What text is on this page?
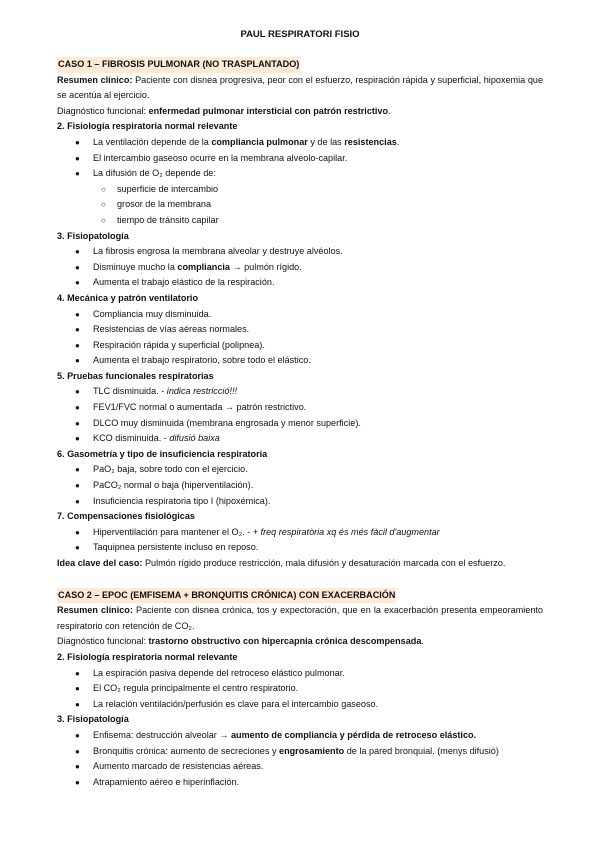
PAUL RESPIRATORI FISIO
CASO 1 – FIBROSIS PULMONAR (NO TRASPLANTADO)
Resumen clínico: Paciente con disnea progresiva, peor con el esfuerzo, respiración rápida y superficial, hipoxemia que se acentúa al ejercicio.
Diagnóstico funcional: enfermedad pulmonar intersticial con patrón restrictivo.
2. Fisiología respiratoria normal relevante
● La ventilación depende de la compliancia pulmonar y de las resistencias.
● El intercambio gaseoso ocurre en la membrana alveolo-capilar.
● La difusión de O₂ depende de:
○ superficie de intercambio
○ grosor de la membrana
○ tiempo de tránsito capilar
3. Fisiopatología
● La fibrosis engrosa la membrana alveolar y destruye alvéolos.
● Disminuye mucho la compliancia → pulmón rígido.
● Aumenta el trabajo elástico de la respiración.
4. Mecánica y patrón ventilatorio
● Compliancia muy disminuida.
● Resistencias de vías aéreas normales.
● Respiración rápida y superficial (polipnea).
● Aumenta el trabajo respiratorio, sobre todo el elástico.
5. Pruebas funcionales respiratorias
● TLC disminuida. - indica restricció!!!
● FEV1/FVC normal o aumentada → patrón restrictivo.
● DLCO muy disminuida (membrana engrosada y menor superficie).
● KCO disminuida. - difusió baixa
6. Gasometría y tipo de insuficiencia respiratoria
● PaO₂ baja, sobre todo con el ejercicio.
● PaCO₂ normal o baja (hiperventilación).
● Insuficiencia respiratoria tipo I (hipoxémica).
7. Compensaciones fisiológicas
● Hiperventilación para mantener el O₂. - + freq respiratòria xq és més fàcil d'augmentar
● Taquipnea persistente incluso en reposo.
Idea clave del caso: Pulmón rígido produce restricción, mala difusión y desaturación marcada con el esfuerzo.
CASO 2 – EPOC (EMFISEMA + BRONQUITIS CRÓNICA) CON EXACERBACIÓN
Resumen clínico: Paciente con disnea crónica, tos y expectoración, que en la exacerbación presenta empeoramiento respiratorio con retención de CO₂.
Diagnóstico funcional: trastorno obstructivo con hipercapnia crónica descompensada.
2. Fisiología respiratoria normal relevante
● La espiración pasiva depende del retroceso elástico pulmonar.
● El CO₂ regula principalmente el centro respiratorio.
● La relación ventilación/perfusión es clave para el intercambio gaseoso.
3. Fisiopatología
● Enfisema: destrucción alveolar → aumento de compliancia y pérdida de retroceso elástico.
● Bronquitis crónica: aumento de secreciones y engrosamiento de la pared bronquial. (menys difusió)
● Aumento marcado de resistencias aéreas.
● Atrapamiento aéreo e hiperinflación.
